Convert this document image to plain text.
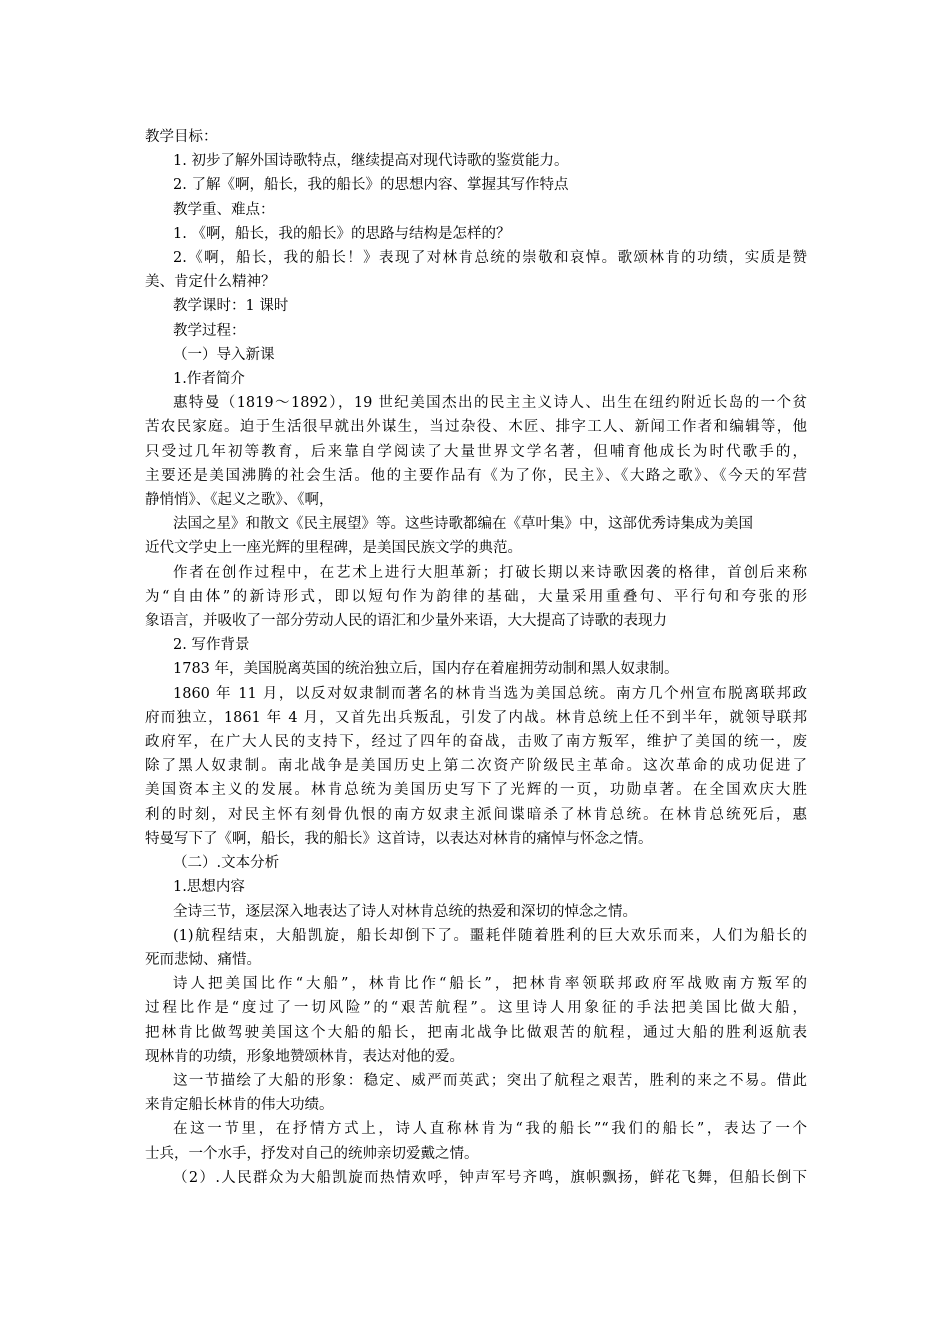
教学目标：

1. 初步了解外国诗歌特点，继续提高对现代诗歌的鉴赏能力。

2. 了解《啊，船长，我的船长》的思想内容、掌握其写作特点

教学重、难点：

1. 《啊，船长，我的船长》的思路与结构是怎样的？

2.《啊，船长，我的船长！》表现了对林肯总统的崇敬和哀悼。歌颂林肯的功绩，实质是赞

美、肯定什么精神？

教学课时：1 课时

教学过程：

（一）导入新课

1.作者简介

惠特曼（1819～1892），19 世纪美国杰出的民主主义诗人、出生在纽约附近长岛的一个贫

苦农民家庭。迫于生活很早就出外谋生，当过杂役、木匠、排字工人、新闻工作者和编辑等，他

只受过几年初等教育，后来靠自学阅读了大量世界文学名著，但哺育他成长为时代歌手的，

主要还是美国沸腾的社会生活。他的主要作品有《为了你，民主》、《大路之歌》、《今天的军营

静悄悄》、《起义之歌》、《啊，

法国之星》和散文《民主展望》等。这些诗歌都编在《草叶集》中，这部优秀诗集成为美国

近代文学史上一座光辉的里程碑，是美国民族文学的典范。

作者在创作过程中，在艺术上进行大胆革新；打破长期以来诗歌因袭的格律，首创后来称

为“自由体”的新诗形式，即以短句作为韵律的基础，大量采用重叠句、平行句和夸张的形

象语言，并吸收了一部分劳动人民的语汇和少量外来语，大大提高了诗歌的表现力

2. 写作背景

1783 年，美国脱离英国的统治独立后，国内存在着雇拥劳动制和黑人奴隶制。

1860 年 11 月，以反对奴隶制而著名的林肯当选为美国总统。南方几个州宣布脱离联邦政

府而独立，1861 年 4 月，又首先出兵叛乱，引发了内战。林肯总统上任不到半年，就领导联邦

政府军，在广大人民的支持下，经过了四年的奋战，击败了南方叛军，维护了美国的统一，废

除了黑人奴隶制。南北战争是美国历史上第二次资产阶级民主革命。这次革命的成功促进了

美国资本主义的发展。林肯总统为美国历史写下了光辉的一页，功勋卓著。在全国欢庆大胜

利的时刻，对民主怀有刻骨仇恨的南方奴隶主派间谍暗杀了林肯总统。在林肯总统死后，惠

特曼写下了《啊，船长，我的船长》这首诗，以表达对林肯的痛悼与怀念之情。

（二）.文本分析

1.思想内容

全诗三节，逐层深入地表达了诗人对林肯总统的热爱和深切的悼念之情。

(1)航程结束，大船凯旋，船长却倒下了。噩耗伴随着胜利的巨大欢乐而来，人们为船长的

死而悲恸、痛惜。

诗人把美国比作“大船”，林肯比作“船长”，把林肯率领联邦政府军战败南方叛军的

过程比作是“度过了一切风险”的“艰苦航程”。这里诗人用象征的手法把美国比做大船，

把林肯比做驾驶美国这个大船的船长，把南北战争比做艰苦的航程，通过大船的胜利返航表

现林肯的功绩，形象地赞颂林肯，表达对他的爱。

这一节描绘了大船的形象：稳定、威严而英武；突出了航程之艰苦，胜利的来之不易。借此

来肯定船长林肯的伟大功绩。

在这一节里，在抒情方式上，诗人直称林肯为“我的船长”“我们的船长”，表达了一个

士兵，一个水手，抒发对自己的统帅亲切爱戴之情。

（2）.人民群众为大船凯旋而热情欢呼，钟声军号齐鸣，旗帜飘扬，鲜花飞舞，但船长倒下
